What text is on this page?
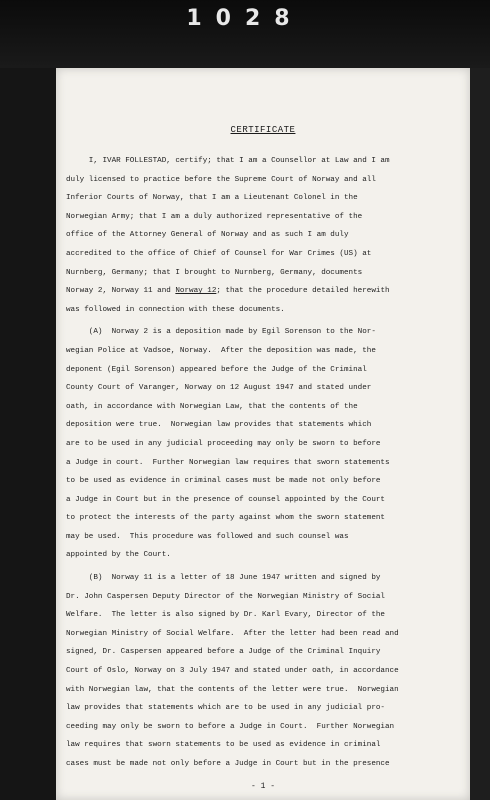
1028
CERTIFICATE
I, IVAR FOLLESTAD, certify; that I am a Counsellor at Law and I am
duly licensed to practice before the Supreme Court of Norway and all
Inferior Courts of Norway, that I am a Lieutenant Colonel in the
Norwegian Army; that I am a duly authorized representative of the
office of the Attorney General of Norway and as such I am duly
accredited to the office of Chief of Counsel for War Crimes (US) at
Nurnberg, Germany; that I brought to Nurnberg, Germany, documents
Norway 2, Norway 11 and Norway 12; that the procedure detailed herewith
was followed in connection with these documents.
(A)  Norway 2 is a deposition made by Egil Sorenson to the Nor-
wegian Police at Vadsoe, Norway.  After the deposition was made, the
deponent (Egil Sorenson) appeared before the Judge of the Criminal
County Court of Varanger, Norway on 12 August 1947 and stated under
oath, in accordance with Norwegian Law, that the contents of the
deposition were true.  Norwegian law provides that statements which
are to be used in any judicial proceeding may only be sworn to before
a Judge in court.  Further Norwegian law requires that sworn statements
to be used as evidence in criminal cases must be made not only before
a Judge in Court but in the presence of counsel appointed by the Court
to protect the interests of the party against whom the sworn statement
may be used.  This procedure was followed and such counsel was
appointed by the Court.
(B)  Norway 11 is a letter of 18 June 1947 written and signed by
Dr. John Caspersen Deputy Director of the Norwegian Ministry of Social
Welfare.  The letter is also signed by Dr. Karl Evary, Director of the
Norwegian Ministry of Social Welfare.  After the letter had been read and
signed, Dr. Caspersen appeared before a Judge of the Criminal Inquiry
Court of Oslo, Norway on 3 July 1947 and stated under oath, in accordance
with Norwegian law, that the contents of the letter were true.  Norwegian
law provides that statements which are to be used in any judicial pro-
ceeding may only be sworn to before a Judge in Court.  Further Norwegian
law requires that sworn statements to be used as evidence in criminal
cases must be made not only before a Judge in Court but in the presence
- 1 -
